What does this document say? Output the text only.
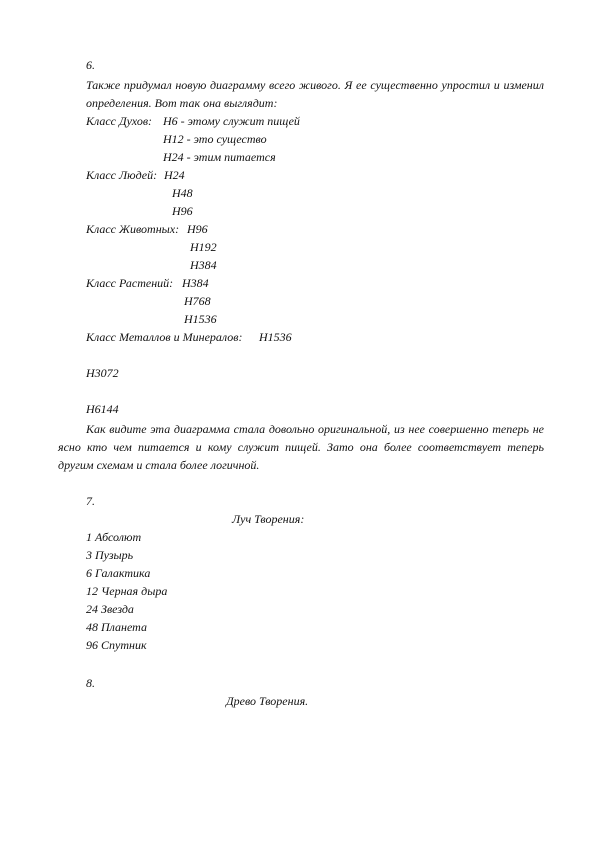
6.
Также придумал новую диаграмму всего живого. Я ее существенно упростил и изменил определения. Вот так она выглядит:
Класс Духов: Н6 - этому служит пищей
Н12 - это существо
Н24 - этим питается
Класс Людей: Н24
Н48
Н96
Класс Животных: Н96
Н192
Н384
Класс Растений: Н384
Н768
Н1536
Класс Металлов и Минералов: Н1536
Н3072
Н6144
Как видите эта диаграмма стала довольно оригинальной, из нее совершенно теперь не ясно кто чем питается и кому служит пищей. Зато она более соответствует теперь другим схемам и стала более логичной.
7.
Луч Творения:
1 Абсолют
3 Пузырь
6 Галактика
12 Черная дыра
24 Звезда
48 Планета
96 Спутник
8.
Древо Творения.
